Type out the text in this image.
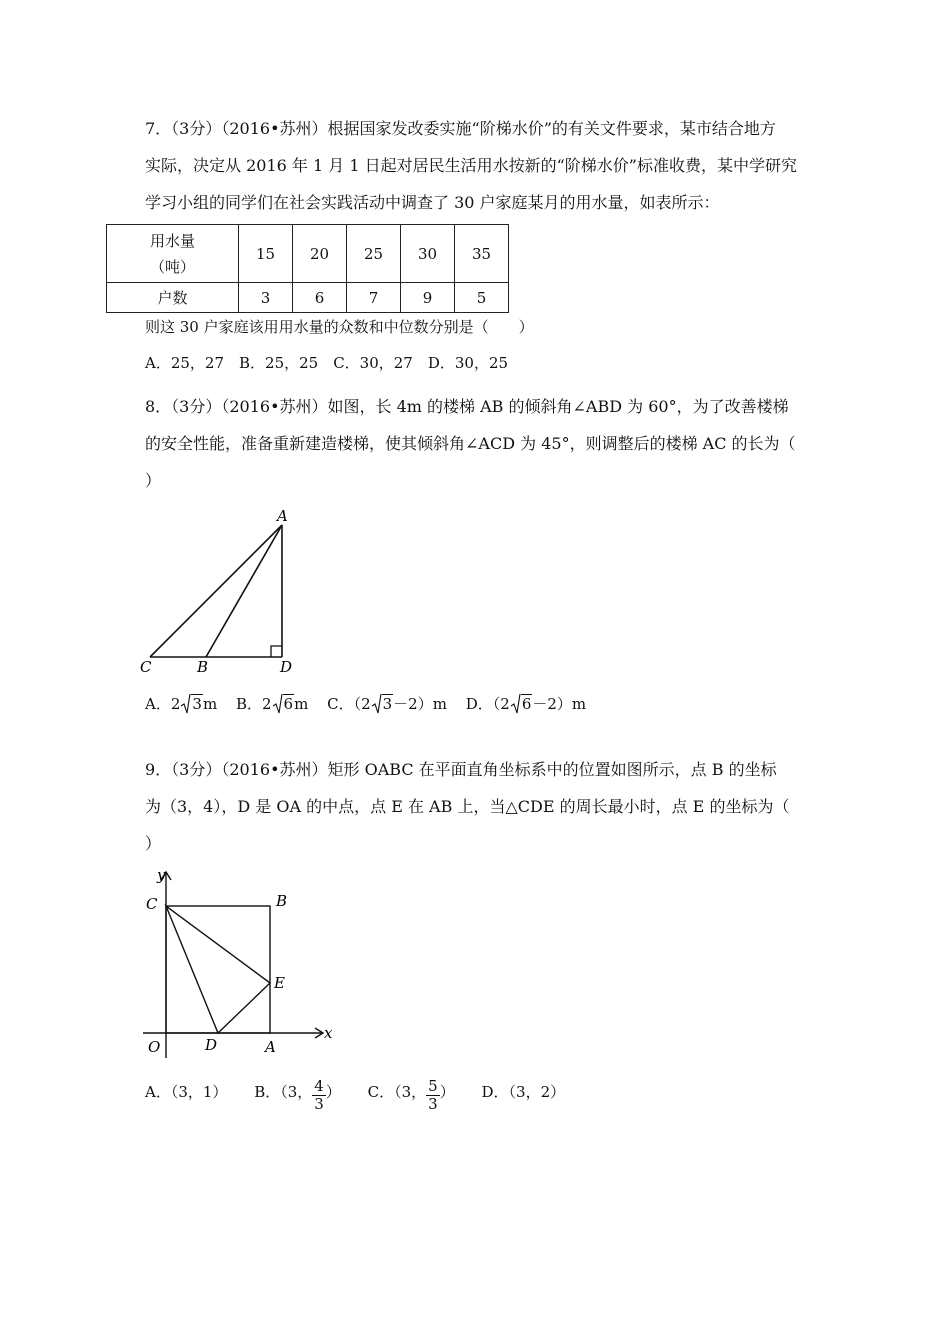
7．（3分）（2016•苏州）根据国家发改委实施“阶梯水价”的有关文件要求，某市结合地方
实际，决定从 2016 年 1 月 1 日起对居民生活用水按新的“阶梯水价”标准收费，某中学研究
学习小组的同学们在社会实践活动中调查了 30 户家庭某月的用水量，如表所示：
用水量
（吨）	15	20	25	30	35
户数	3	6	7	9	5
则这 30 户家庭该用用水量的众数和中位数分别是（　　）
A．25，27　B．25，25　C．30，27　D．30，25
8．（3分）（2016•苏州）如图，长 4m 的楼梯 AB 的倾斜角∠ABD 为 60°，为了改善楼梯
的安全性能，准备重新建造楼梯，使其倾斜角∠ACD 为 45°，则调整后的楼梯 AC 的长为（
）
A
B
C	D
A．2 3m B．2 6m C．（2 3－2）m D．（2 6－2）m
9．（3分）（2016•苏州）矩形 OABC 在平面直角坐标系中的位置如图所示，点 B 的坐标
为（3，4），D 是 OA 的中点，点 E 在 AB 上，当△CDE 的周长最小时，点 E 的坐标为（
）
y
x
O	A
B
C
D
E
A．（3，1） B．（3， $\frac{4}{3}$ ） C．（3， $\frac{5}{3}$ ） D．（3，2）
